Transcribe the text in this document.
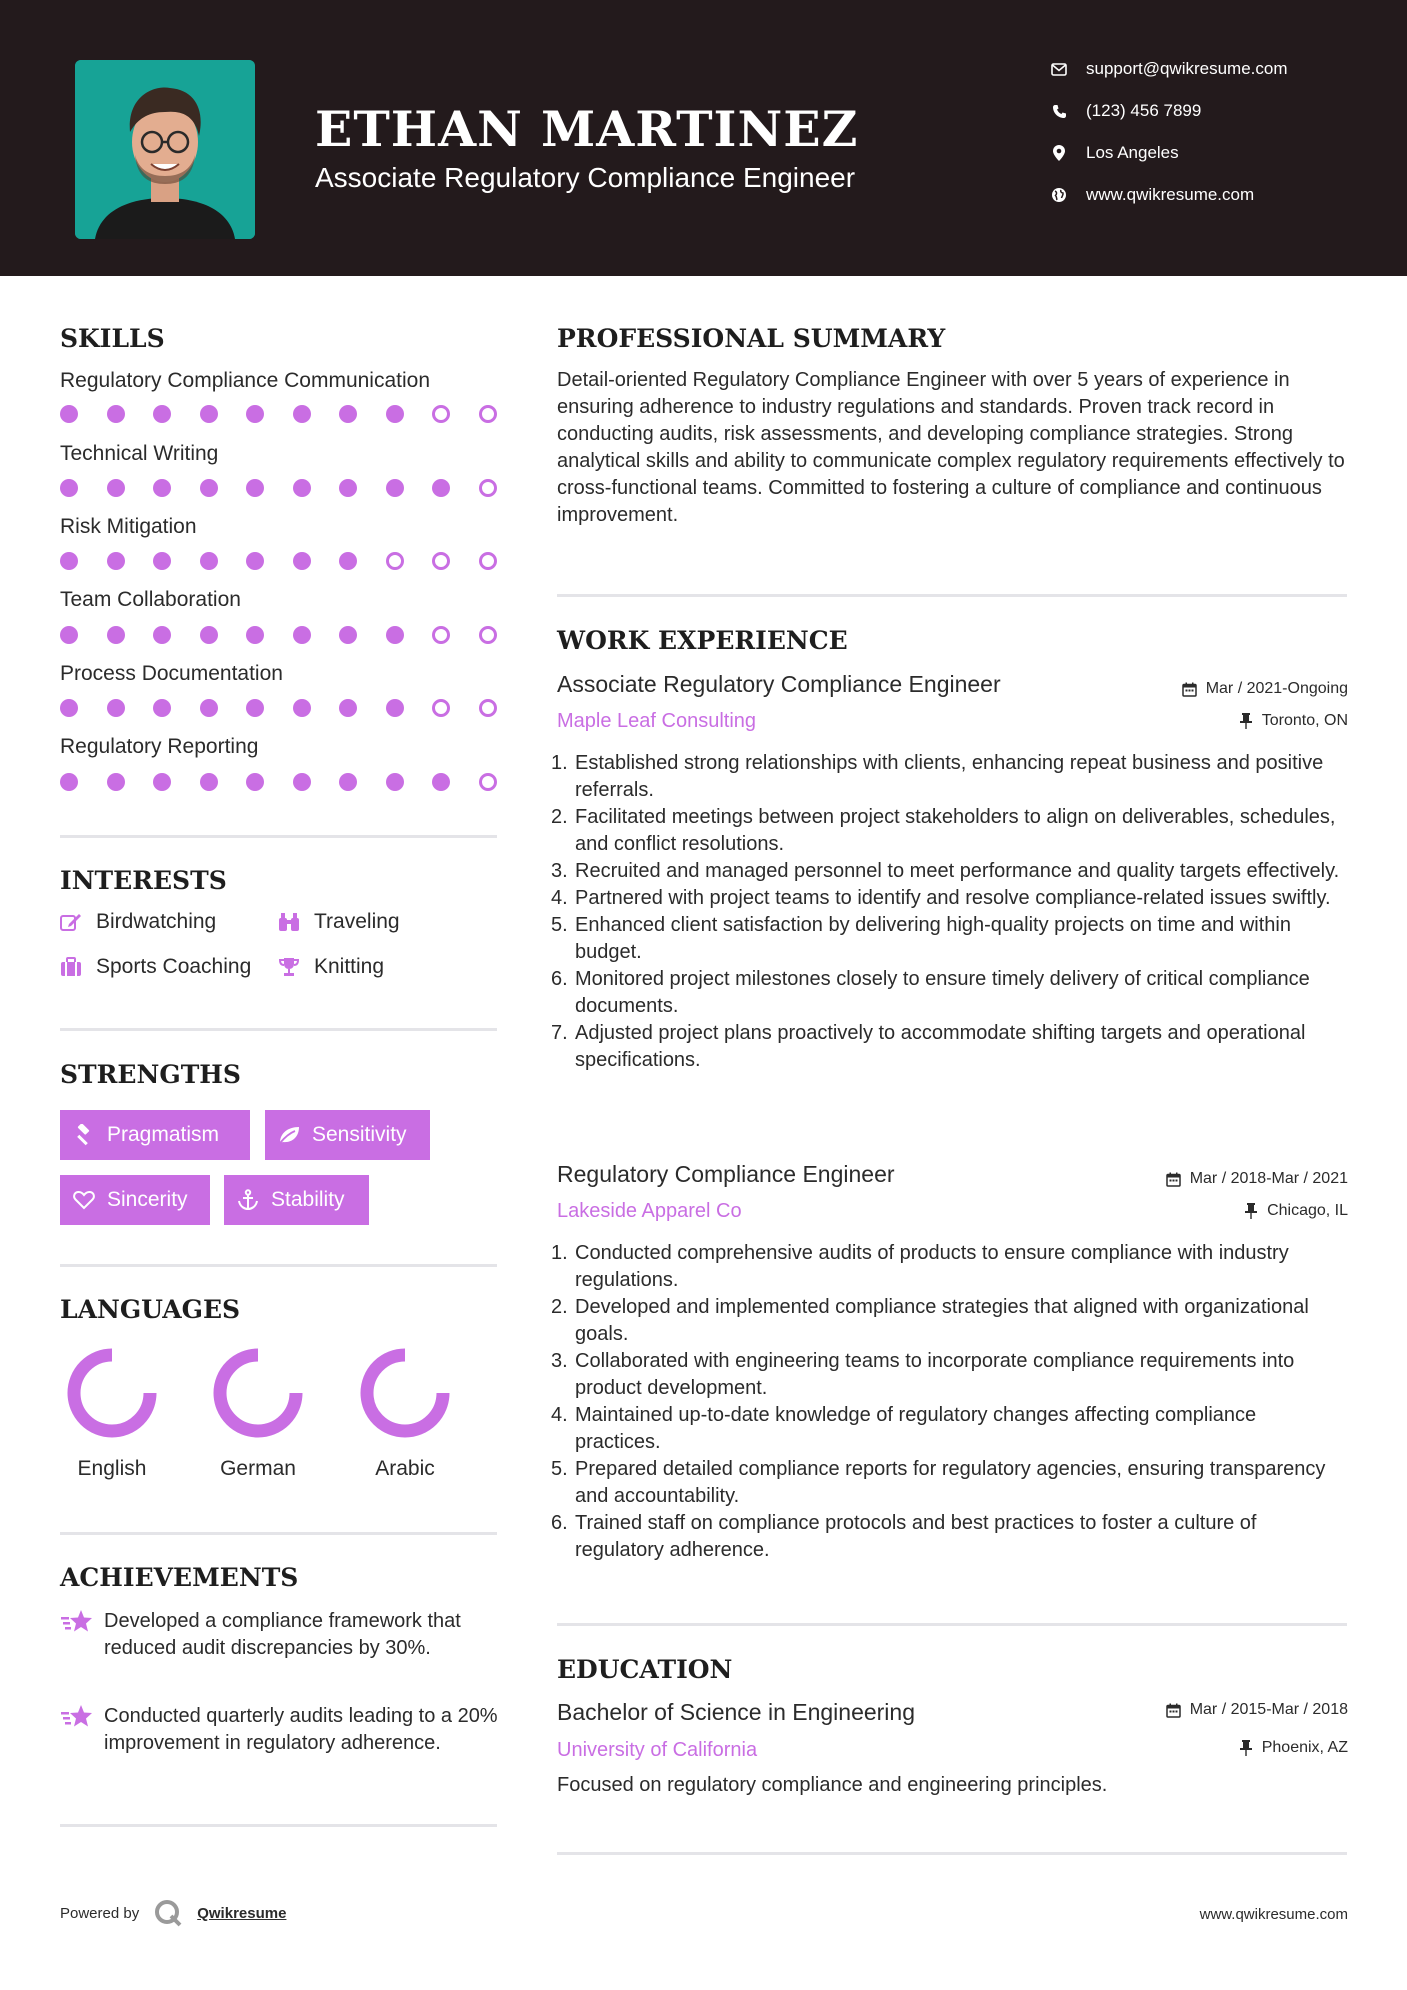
ETHAN MARTINEZ
Associate Regulatory Compliance Engineer
support@qwikresume.com
(123) 456 7899
Los Angeles
www.qwikresume.com
SKILLS
Regulatory Compliance Communication
Technical Writing
Risk Mitigation
Team Collaboration
Process Documentation
Regulatory Reporting
INTERESTS
Birdwatching	Traveling
Sports Coaching	Knitting
STRENGTHS
Pragmatism	Sensitivity
Sincerity	Stability
LANGUAGES
English	German	Arabic
ACHIEVEMENTS
Developed a compliance framework that reduced audit discrepancies by 30%.
Conducted quarterly audits leading to a 20% improvement in regulatory adherence.
PROFESSIONAL SUMMARY
Detail-oriented Regulatory Compliance Engineer with over 5 years of experience in ensuring adherence to industry regulations and standards. Proven track record in conducting audits, risk assessments, and developing compliance strategies. Strong analytical skills and ability to communicate complex regulatory requirements effectively to cross-functional teams. Committed to fostering a culture of compliance and continuous improvement.
WORK EXPERIENCE
Associate Regulatory Compliance Engineer	Mar / 2021-Ongoing
Maple Leaf Consulting	Toronto, ON
1. Established strong relationships with clients, enhancing repeat business and positive referrals.
2. Facilitated meetings between project stakeholders to align on deliverables, schedules, and conflict resolutions.
3. Recruited and managed personnel to meet performance and quality targets effectively.
4. Partnered with project teams to identify and resolve compliance-related issues swiftly.
5. Enhanced client satisfaction by delivering high-quality projects on time and within budget.
6. Monitored project milestones closely to ensure timely delivery of critical compliance documents.
7. Adjusted project plans proactively to accommodate shifting targets and operational specifications.
Regulatory Compliance Engineer	Mar / 2018-Mar / 2021
Lakeside Apparel Co	Chicago, IL
1. Conducted comprehensive audits of products to ensure compliance with industry regulations.
2. Developed and implemented compliance strategies that aligned with organizational goals.
3. Collaborated with engineering teams to incorporate compliance requirements into product development.
4. Maintained up-to-date knowledge of regulatory changes affecting compliance practices.
5. Prepared detailed compliance reports for regulatory agencies, ensuring transparency and accountability.
6. Trained staff on compliance protocols and best practices to foster a culture of regulatory adherence.
EDUCATION
Bachelor of Science in Engineering	Mar / 2015-Mar / 2018
University of California	Phoenix, AZ
Focused on regulatory compliance and engineering principles.
Powered by	Qwikresume	www.qwikresume.com
